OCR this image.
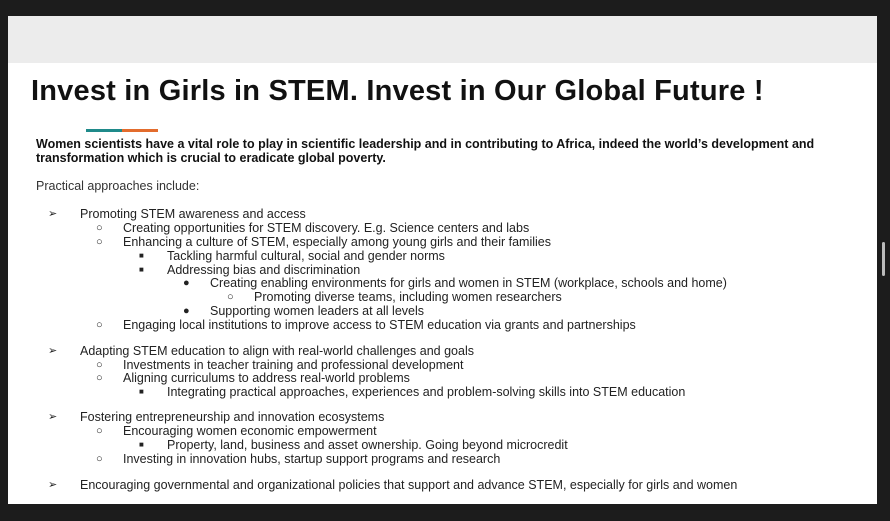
Invest in Girls in STEM. Invest in Our Global Future !
Women scientists have a vital role to play in scientific leadership and in contributing to Africa, indeed the world’s development and transformation which is crucial to eradicate global poverty.
Practical approaches include:
➢ Promoting STEM awareness and access
○ Creating opportunities for STEM discovery. E.g. Science centers and labs
○ Enhancing a culture of STEM, especially among young girls and their families
■ Tackling harmful cultural, social and gender norms
■ Addressing bias and discrimination
● Creating enabling environments for girls and women in STEM (workplace, schools and home)
○ Promoting diverse teams, including women researchers
● Supporting women leaders at all levels
○ Engaging local institutions to improve access to STEM education via grants and partnerships
➢ Adapting STEM education to align with real-world challenges and goals
○ Investments in teacher training and professional development
○ Aligning curriculums to address real-world problems
■ Integrating practical approaches, experiences and problem-solving skills into STEM education
➢ Fostering entrepreneurship and innovation ecosystems
○ Encouraging women economic empowerment
■ Property, land, business and asset ownership. Going beyond microcredit
○ Investing in innovation hubs, startup support programs and research
➢ Encouraging governmental and organizational policies that support and advance STEM, especially for girls and women
